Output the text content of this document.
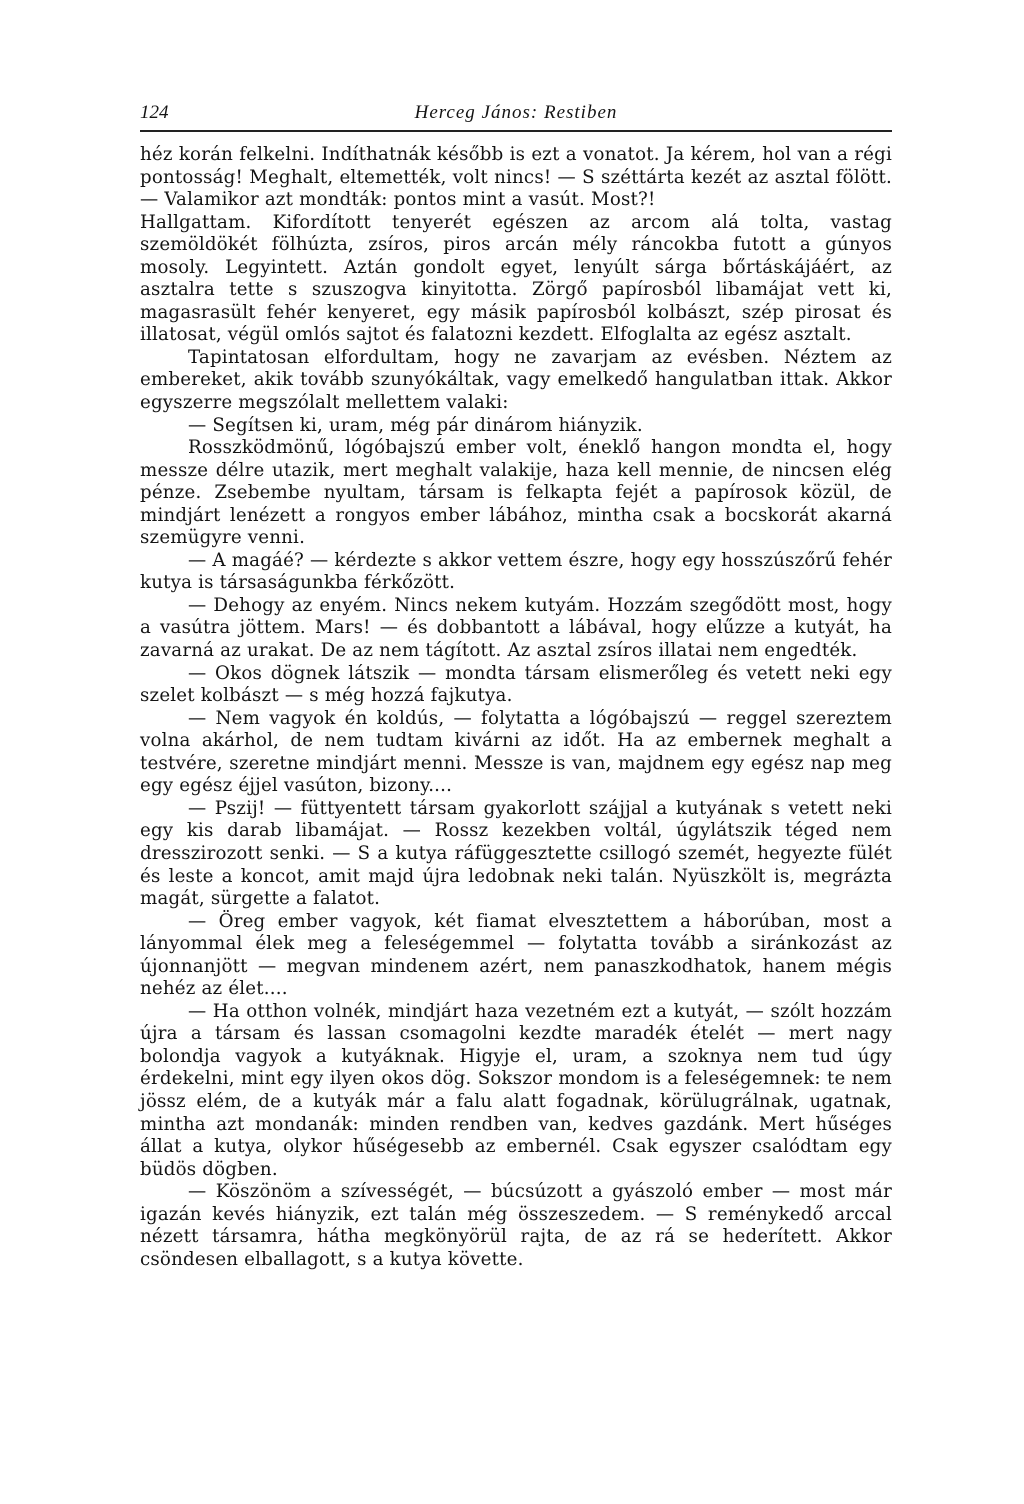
124	Herceg János: Restiben

héz korán felkelni. Indíthatnák később is ezt a vonatot. Ja kérem, hol van a régi pontosság! Meghalt, eltemették, volt nincs! — S széttárta kezét az asztal fölött. — Valamikor azt mondták: pontos mint a vasút. Most?!

Hallgattam. Kifordított tenyerét egészen az arcom alá tolta, vastag szemöldökét fölhúzta, zsíros, piros arcán mély ráncokba futott a gúnyos mosoly. Legyintett. Aztán gondolt egyet, lenyúlt sárga bőrtáskájáért, az asztalra tette s szuszogva kinyitotta. Zörgő papírosból libamájat vett ki, magasrasült fehér kenyeret, egy másik papírosból kolbászt, szép pirosat és illatosat, végül omlós sajtot és falatozni kezdett. Elfoglalta az egész asztalt.

Tapintatosan elfordultam, hogy ne zavarjam az evésben. Néztem az embereket, akik tovább szunyókáltak, vagy emelkedő hangulatban ittak. Akkor egyszerre megszólalt mellettem valaki:

— Segítsen ki, uram, még pár dinárom hiányzik.

Rosszködmönű, lógóbajszú ember volt, éneklő hangon mondta el, hogy messze délre utazik, mert meghalt valakije, haza kell mennie, de nincsen elég pénze. Zsebembe nyultam, társam is felkapta fejét a papírosok közül, de mindjárt lenézett a rongyos ember lábához, mintha csak a bocskorát akarná szemügyre venni.

— A magáé? — kérdezte s akkor vettem észre, hogy egy hosszúszőrű fehér kutya is társaságunkba férkőzött.

— Dehogy az enyém. Nincs nekem kutyám. Hozzám szegődött most, hogy a vasútra jöttem. Mars! — és dobbantott a lábával, hogy elűzze a kutyát, ha zavarná az urakat. De az nem tágított. Az asztal zsíros illatai nem engedték.

— Okos dögnek látszik — mondta társam elismerőleg és vetett neki egy szelet kolbászt — s még hozzá fajkutya.

— Nem vagyok én koldús, — folytatta a lógóbajszú — reggel szereztem volna akárhol, de nem tudtam kivárni az időt. Ha az embernek meghalt a testvére, szeretne mindjárt menni. Messze is van, majdnem egy egész nap meg egy egész éjjel vasúton, bizony....

— Pszij! — füttyentett társam gyakorlott szájjal a kutyának s vetett neki egy kis darab libamájat. — Rossz kezekben voltál, úgylátszik téged nem dresszirozott senki. — S a kutya ráfüggesztette csillogó szemét, hegyezte fülét és leste a koncot, amit majd újra ledobnak neki talán. Nyüszkölt is, megrázta magát, sürgette a falatot.

— Öreg ember vagyok, két fiamat elvesztettem a háborúban, most a lányommal élek meg a feleségemmel — folytatta tovább a siránkozást az újonnanjött — megvan mindenem azért, nem panaszkodhatok, hanem mégis nehéz az élet....

— Ha otthon volnék, mindjárt haza vezetném ezt a kutyát, — szólt hozzám újra a társam és lassan csomagolni kezdte maradék ételét — mert nagy bolondja vagyok a kutyáknak. Higyje el, uram, a szoknya nem tud úgy érdekelni, mint egy ilyen okos dög. Sokszor mondom is a feleségemnek: te nem jössz elém, de a kutyák már a falu alatt fogadnak, körülugrálnak, ugatnak, mintha azt mondanák: minden rendben van, kedves gazdánk. Mert hűséges állat a kutya, olykor hűségesebb az embernél. Csak egyszer csalódtam egy büdös dögben.

— Köszönöm a szívességét, — búcsúzott a gyászoló ember — most már igazán kevés hiányzik, ezt talán még összeszedem. — S reménykedő arccal nézett társamra, hátha megkönyörül rajta, de az rá se hederített. Akkor csöndesen elballagott, s a kutya követte.
